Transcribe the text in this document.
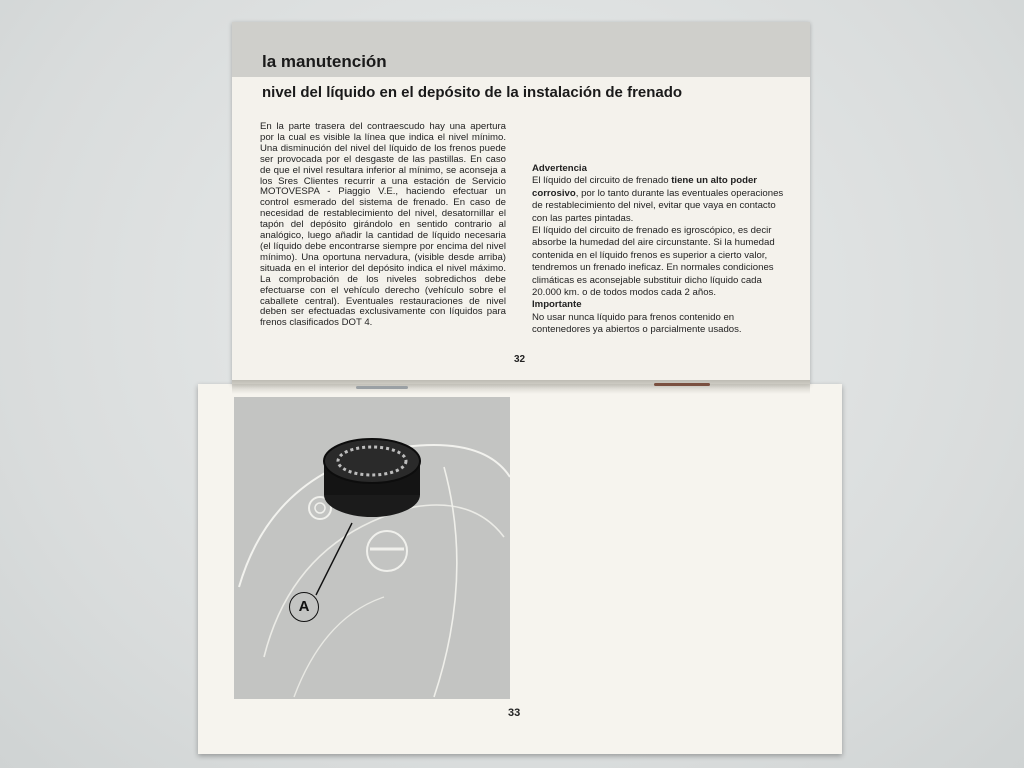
33
la manutención
nivel del líquido en el depósito de la instalación de frenado

En la parte trasera del contraescudo hay una apertura por la cual es visible la línea que indica el nivel mínimo. Una disminución del nivel del líquido de los frenos puede ser provocada por el desgaste de las pastillas. En caso de que el nivel resultara inferior al mínimo, se aconseja a los Sres Clientes recurrir a una estación de Servicio MOTOVESPA - Piaggio V.E., haciendo efectuar un control esmerado del sistema de frenado. En caso de necesidad de restablecimiento del nivel, desatornillar el tapón del depósito girándolo en sentido contrario al analógico, luego añadir la cantidad de líquido necesaria (el líquido debe encontrarse siempre por encima del nivel mínimo). Una oportuna nervadura, (visible desde arriba) situada en el interior del depósito indica el nivel máximo. La comprobación de los niveles sobredichos debe efectuarse con el vehículo derecho (vehículo sobre el caballete central). Eventuales restauraciones de nivel deben ser efectuadas exclusivamente con líquidos para frenos clasificados DOT 4.

Advertencia

El líquido del circuito de frenado tiene un alto poder corrosivo, por lo tanto durante las eventuales operaciones de restablecimiento del nivel, evitar que vaya en contacto con las partes pintadas.

El líquido del circuito de frenado es igroscópico, es decir absorbe la humedad del aire circunstante. Si la humedad contenida en el líquido frenos es superior a cierto valor, tendremos un frenado ineficaz. En normales condiciones climáticas es aconsejable substituir dicho líquido cada 20.000 km. o de todos modos cada 2 años.

Importante

No usar nunca líquido para frenos contenido en contenedores ya abiertos o parcialmente usados.

32
A
